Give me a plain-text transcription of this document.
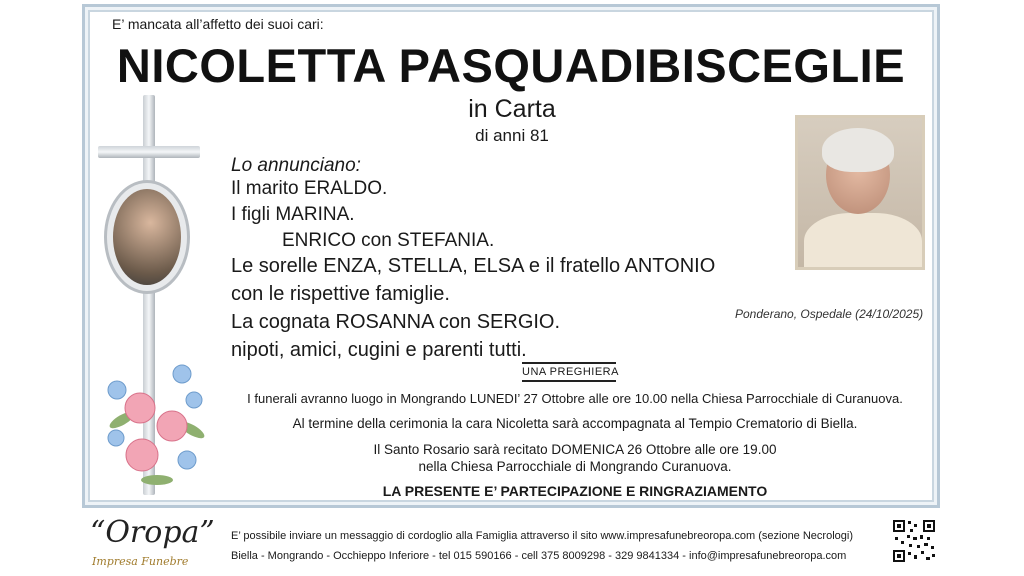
E’ mancata all’affetto dei suoi cari:
NICOLETTA PASQUADIBISCEGLIE
in Carta
di anni 81
Lo annunciano:
Il marito ERALDO.
I figli MARINA.
ENRICO con STEFANIA.
Le sorelle ENZA, STELLA, ELSA e il fratello ANTONIO
con le rispettive famiglie.
La cognata ROSANNA con SERGIO.
nipoti, amici, cugini e parenti tutti.
Ponderano, Ospedale (24/10/2025)
UNA PREGHIERA
I funerali avranno luogo in Mongrando LUNEDI’ 27 Ottobre alle ore 10.00 nella Chiesa Parrocchiale di Curanuova.
Al termine della cerimonia la cara Nicoletta sarà accompagnata al Tempio Crematorio di Biella.
Il Santo Rosario sarà recitato DOMENICA 26 Ottobre alle ore 19.00
nella Chiesa Parrocchiale di Mongrando Curanuova.
LA PRESENTE E’ PARTECIPAZIONE E RINGRAZIAMENTO
“Oropa”
Impresa Funebre
E’ possibile inviare un messaggio di cordoglio alla Famiglia attraverso il sito www.impresafunebreoropa.com (sezione Necrologi)
Biella - Mongrando - Occhieppo Inferiore - tel 015 590166 - cell 375 8009298 - 329 9841334 - info@impresafunebreoropa.com
